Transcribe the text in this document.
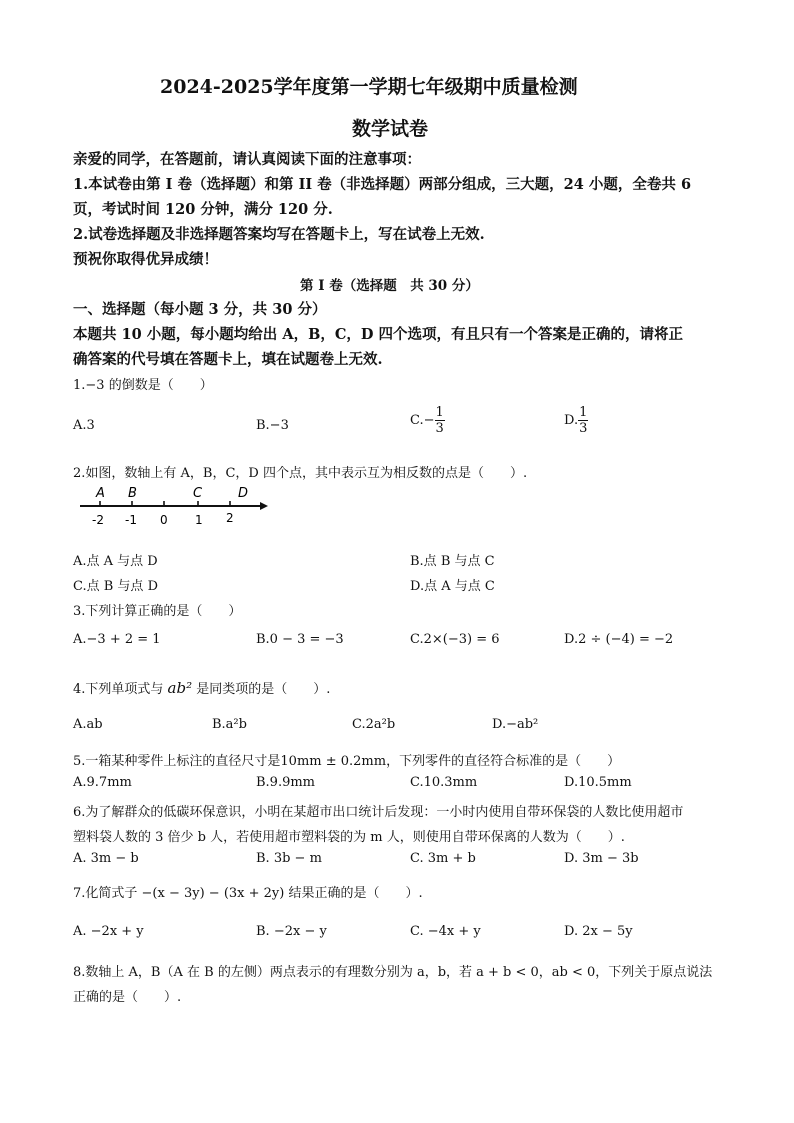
2024-2025学年度第一学期七年级期中质量检测
数学试卷
亲爱的同学，在答题前，请认真阅读下面的注意事项：
1.本试卷由第 I 卷（选择题）和第 II 卷（非选择题）两部分组成，三大题，24 小题，全卷共 6
页，考试时间 120 分钟，满分 120 分.
2.试卷选择题及非选择题答案均写在答题卡上，写在试卷上无效.
预祝你取得优异成绩！
第 I 卷（选择题　共 30 分）
一、选择题（每小题 3 分，共 30 分）
本题共 10 小题，每小题均给出 A，B，C，D 四个选项，有且只有一个答案是正确的，请将正
确答案的代号填在答题卡上，填在试题卷上无效.
1.−3 的倒数是（　　）
A.3	B.−3	$C.- \frac{1}{3}$	D. $\frac{1}{3}$
2.如图，数轴上有 A，B，C，D 四个点，其中表示互为相反数的点是（　　）.
A B	C	D
-2 -1 0 1 2
A.点 A 与点 D	B.点 B 与点 C
C.点 B 与点 D	D.点 A 与点 C
3.下列计算正确的是（　　）
A.−3 + 2 = 1	B.0 − 3 = −3	C.2×(−3) = 6	D.2 ÷ (−4) = −2
4.下列单项式与 ab² 是同类项的是（　　）.
A.ab	B.a²b	C.2a²b	D.−ab²
5.一箱某种零件上标注的直径尺寸是10mm ± 0.2mm，下列零件的直径符合标准的是（　　）
A.9.7mm	B.9.9mm	C.10.3mm	D.10.5mm
6.为了解群众的低碳环保意识，小明在某超市出口统计后发现：一小时内使用自带环保袋的人数比使用超市
塑料袋人数的 3 倍少 b 人，若使用超市塑料袋的为 m 人，则使用自带环保离的人数为（　　）.
A. 3m − b	B. 3b − m	C. 3m + b	D. 3m − 3b
7.化简式子 −(x − 3y) − (3x + 2y) 结果正确的是（　　）.
A. −2x + y	B. −2x − y	C. −4x + y	D. 2x − 5y
8.数轴上 A，B（A 在 B 的左侧）两点表示的有理数分别为 a，b，若 a + b < 0，ab < 0，下列关于原点说法
正确的是（　　）.
